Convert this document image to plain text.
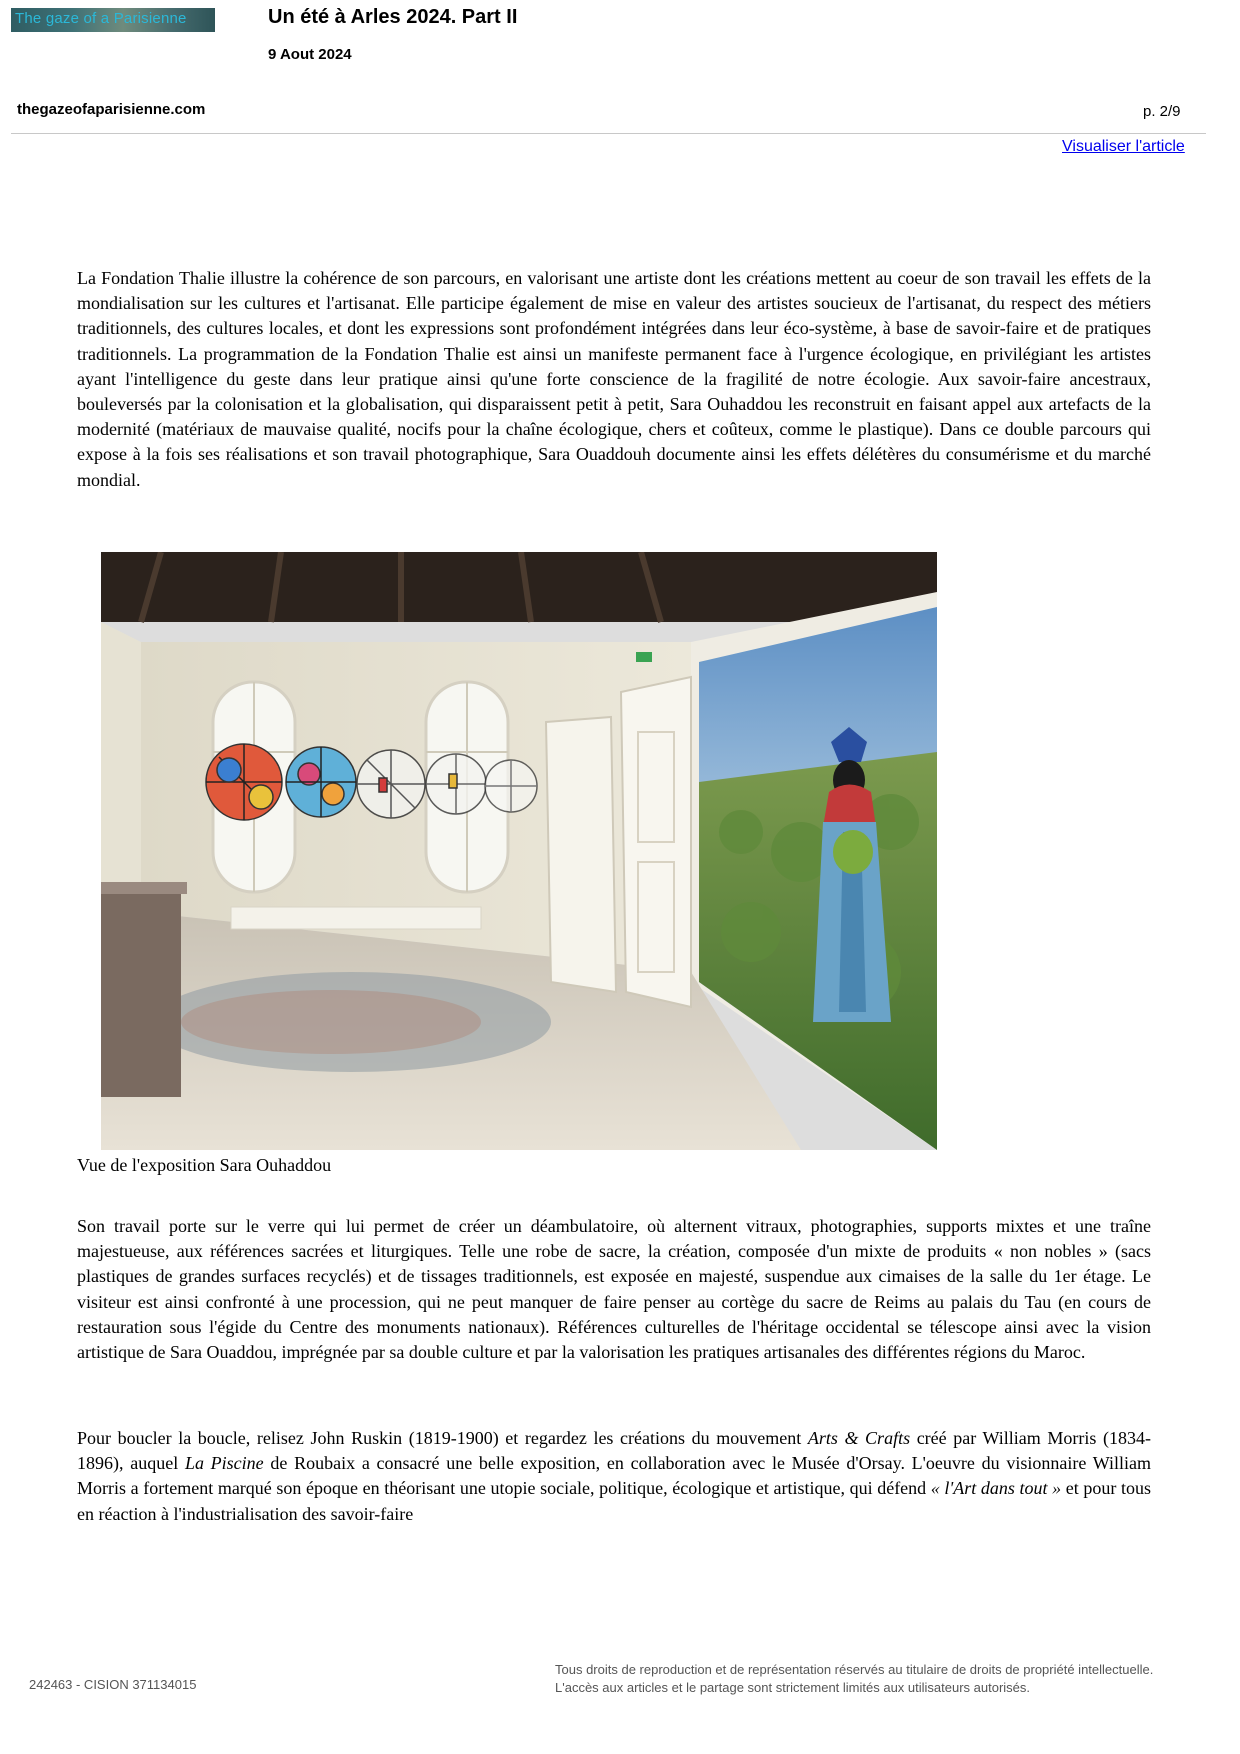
The gaze of a Parisienne	Un été à Arles 2024. Part II
9 Aout 2024
thegazeofaparisienne.com	p. 2/9
Visualiser l'article

La Fondation Thalie illustre la cohérence de son parcours, en valorisant une artiste dont les créations mettent au coeur de son travail les effets de la mondialisation sur les cultures et l'artisanat. Elle participe également de mise en valeur des artistes soucieux de l'artisanat, du respect des métiers traditionnels, des cultures locales, et dont les expressions sont profondément intégrées dans leur éco-système, à base de savoir-faire et de pratiques traditionnels. La programmation de la Fondation Thalie est ainsi un manifeste permanent face à l'urgence écologique, en privilégiant les artistes ayant l'intelligence du geste dans leur pratique ainsi qu'une forte conscience de la fragilité de notre écologie. Aux savoir-faire ancestraux, bouleversés par la colonisation et la globalisation, qui disparaissent petit à petit, Sara Ouhaddou les reconstruit en faisant appel aux artefacts de la modernité (matériaux de mauvaise qualité, nocifs pour la chaîne écologique, chers et coûteux, comme le plastique). Dans ce double parcours qui expose à la fois ses réalisations et son travail photographique, Sara Ouaddouh documente ainsi les effets délétères du consumérisme et du marché mondial.

Vue de l'exposition Sara Ouhaddou

Son travail porte sur le verre qui lui permet de créer un déambulatoire, où alternent vitraux, photographies, supports mixtes et une traîne majestueuse, aux références sacrées et liturgiques. Telle une robe de sacre, la création, composée d'un mixte de produits « non nobles » (sacs plastiques de grandes surfaces recyclés) et de tissages traditionnels, est exposée en majesté, suspendue aux cimaises de la salle du 1er étage. Le visiteur est ainsi confronté à une procession, qui ne peut manquer de faire penser au cortège du sacre de Reims au palais du Tau (en cours de restauration sous l'égide du Centre des monuments nationaux). Références culturelles de l'héritage occidental se télescope ainsi avec la vision artistique de Sara Ouaddou, imprégnée par sa double culture et par la valorisation les pratiques artisanales des différentes régions du Maroc.

Pour boucler la boucle, relisez John Ruskin (1819-1900) et regardez les créations du mouvement Arts & Crafts créé par William Morris (1834-1896), auquel La Piscine de Roubaix a consacré une belle exposition, en collaboration avec le Musée d'Orsay. L'oeuvre du visionnaire William Morris a fortement marqué son époque en théorisant une utopie sociale, politique, écologique et artistique, qui défend « l'Art dans tout » et pour tous en réaction à l'industrialisation des savoir-faire

242463 - CISION 371134015
Tous droits de reproduction et de représentation réservés au titulaire de droits de propriété intellectuelle.
L'accès aux articles et le partage sont strictement limités aux utilisateurs autorisés.
